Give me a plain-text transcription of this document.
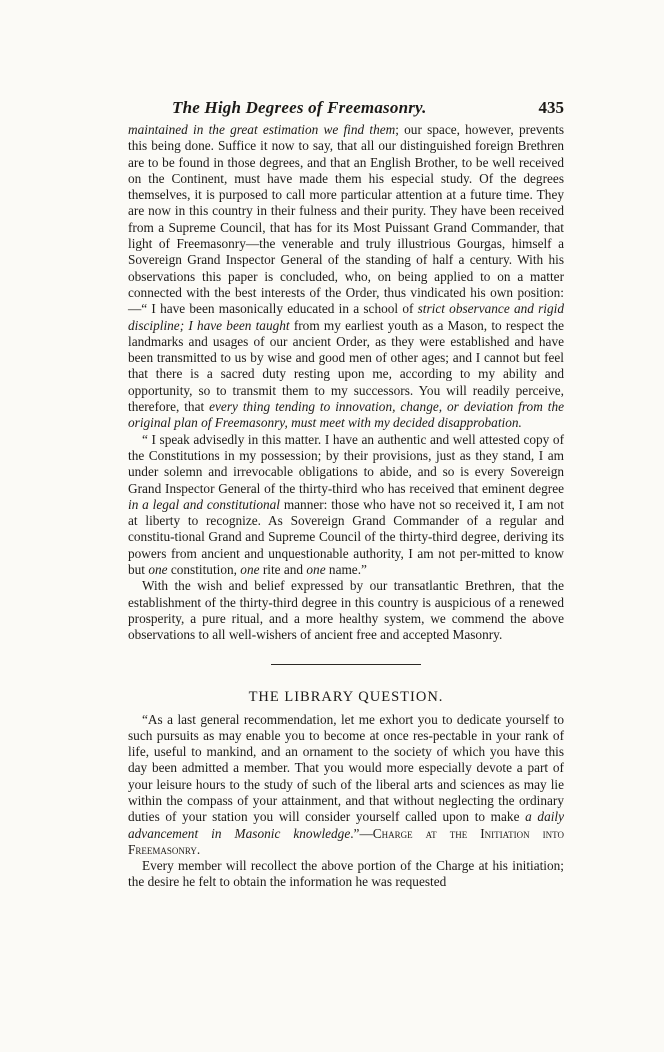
The High Degrees of Freemasonry.	435

maintained in the great estimation we find them; our space, however, prevents this being done. Suffice it now to say, that all our distinguished foreign Brethren are to be found in those degrees, and that an English Brother, to be well received on the Continent, must have made them his especial study. Of the degrees themselves, it is purposed to call more particular attention at a future time. They are now in this country in their fulness and their purity. They have been received from a Supreme Council, that has for its Most Puissant Grand Commander, that light of Freemasonry—the venerable and truly illustrious Gourgas, himself a Sovereign Grand Inspector General of the standing of half a century. With his observations this paper is concluded, who, on being applied to on a matter connected with the best interests of the Order, thus vindicated his own position:—“ I have been masonically educated in a school of strict observance and rigid discipline; I have been taught from my earliest youth as a Mason, to respect the landmarks and usages of our ancient Order, as they were established and have been transmitted to us by wise and good men of other ages; and I cannot but feel that there is a sacred duty resting upon me, according to my ability and opportunity, so to transmit them to my successors. You will readily perceive, therefore, that every thing tending to innovation, change, or deviation from the original plan of Freemasonry, must meet with my decided disapprobation.

“ I speak advisedly in this matter. I have an authentic and well attested copy of the Constitutions in my possession; by their provisions, just as they stand, I am under solemn and irrevocable obligations to abide, and so is every Sovereign Grand Inspector General of the thirty-third who has received that eminent degree in a legal and constitutional manner: those who have not so received it, I am not at liberty to recognize. As Sovereign Grand Commander of a regular and constitu-tional Grand and Supreme Council of the thirty-third degree, deriving its powers from ancient and unquestionable authority, I am not per-mitted to know but one constitution, one rite and one name.”

With the wish and belief expressed by our transatlantic Brethren, that the establishment of the thirty-third degree in this country is auspicious of a renewed prosperity, a pure ritual, and a more healthy system, we commend the above observations to all well-wishers of ancient free and accepted Masonry.

THE LIBRARY QUESTION.

“As a last general recommendation, let me exhort you to dedicate yourself to such pursuits as may enable you to become at once res-pectable in your rank of life, useful to mankind, and an ornament to the society of which you have this day been admitted a member. That you would more especially devote a part of your leisure hours to the study of such of the liberal arts and sciences as may lie within the compass of your attainment, and that without neglecting the ordinary duties of your station you will consider yourself called upon to make a daily advancement in Masonic knowledge.”—Charge at the Initiation into Freemasonry.

Every member will recollect the above portion of the Charge at his initiation; the desire he felt to obtain the information he was requested
